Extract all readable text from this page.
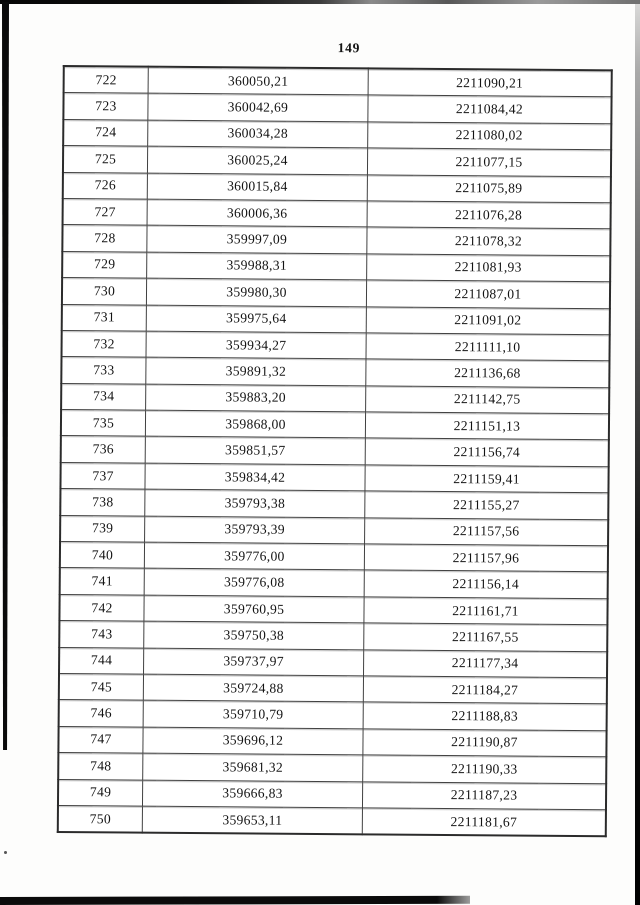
149
722	360050,21	2211090,21
723	360042,69	2211084,42
724	360034,28	2211080,02
725	360025,24	2211077,15
726	360015,84	2211075,89
727	360006,36	2211076,28
728	359997,09	2211078,32
729	359988,31	2211081,93
730	359980,30	2211087,01
731	359975,64	2211091,02
732	359934,27	2211111,10
733	359891,32	2211136,68
734	359883,20	2211142,75
735	359868,00	2211151,13
736	359851,57	2211156,74
737	359834,42	2211159,41
738	359793,38	2211155,27
739	359793,39	2211157,56
740	359776,00	2211157,96
741	359776,08	2211156,14
742	359760,95	2211161,71
743	359750,38	2211167,55
744	359737,97	2211177,34
745	359724,88	2211184,27
746	359710,79	2211188,83
747	359696,12	2211190,87
748	359681,32	2211190,33
749	359666,83	2211187,23
750	359653,11	2211181,67
